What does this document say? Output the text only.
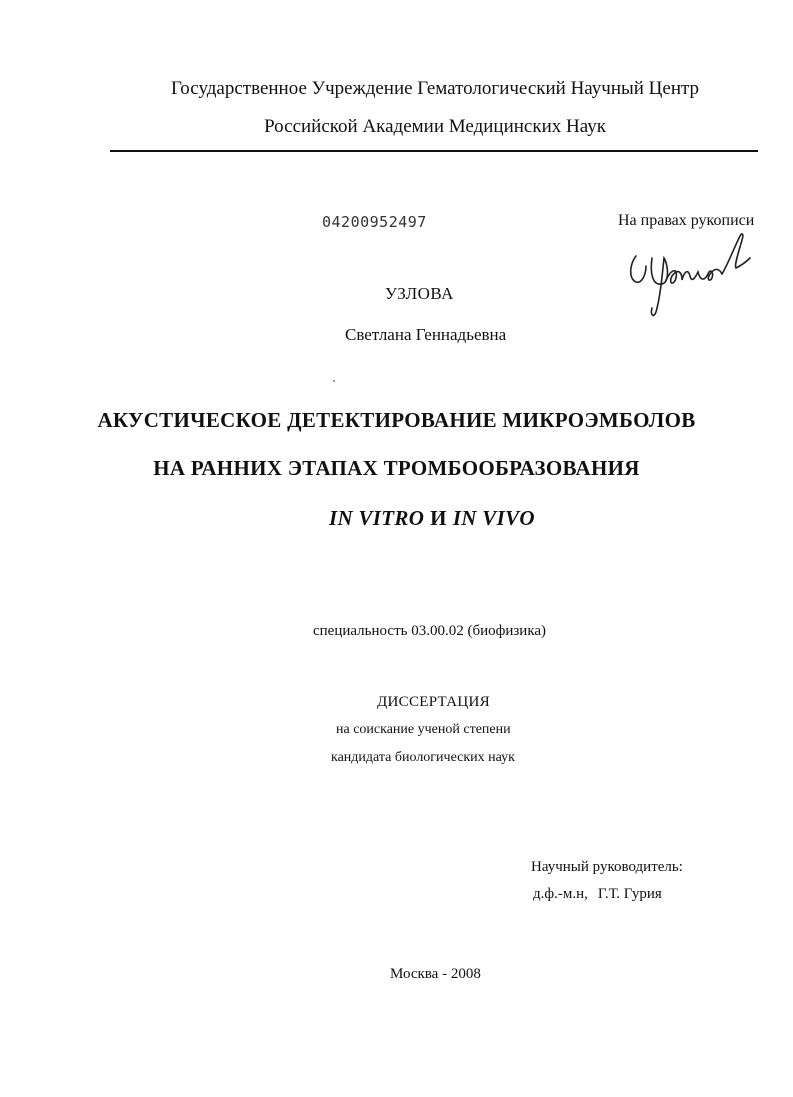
Государственное Учреждение Гематологический Научный Центр
Российской Академии Медицинских Наук
04200952497	На правах рукописи
УЗЛОВА
Светлана Геннадьевна
АКУСТИЧЕСКОЕ ДЕТЕКТИРОВАНИЕ МИКРОЭМБОЛОВ
НА РАННИХ ЭТАПАХ ТРОМБООБРАЗОВАНИЯ
IN VITRO И IN VIVO
специальность 03.00.02 (биофизика)
ДИССЕРТАЦИЯ
на соискание ученой степени
кандидата биологических наук
Научный руководитель:
д.ф.-м.н, Г.Т. Гурия
Москва - 2008
